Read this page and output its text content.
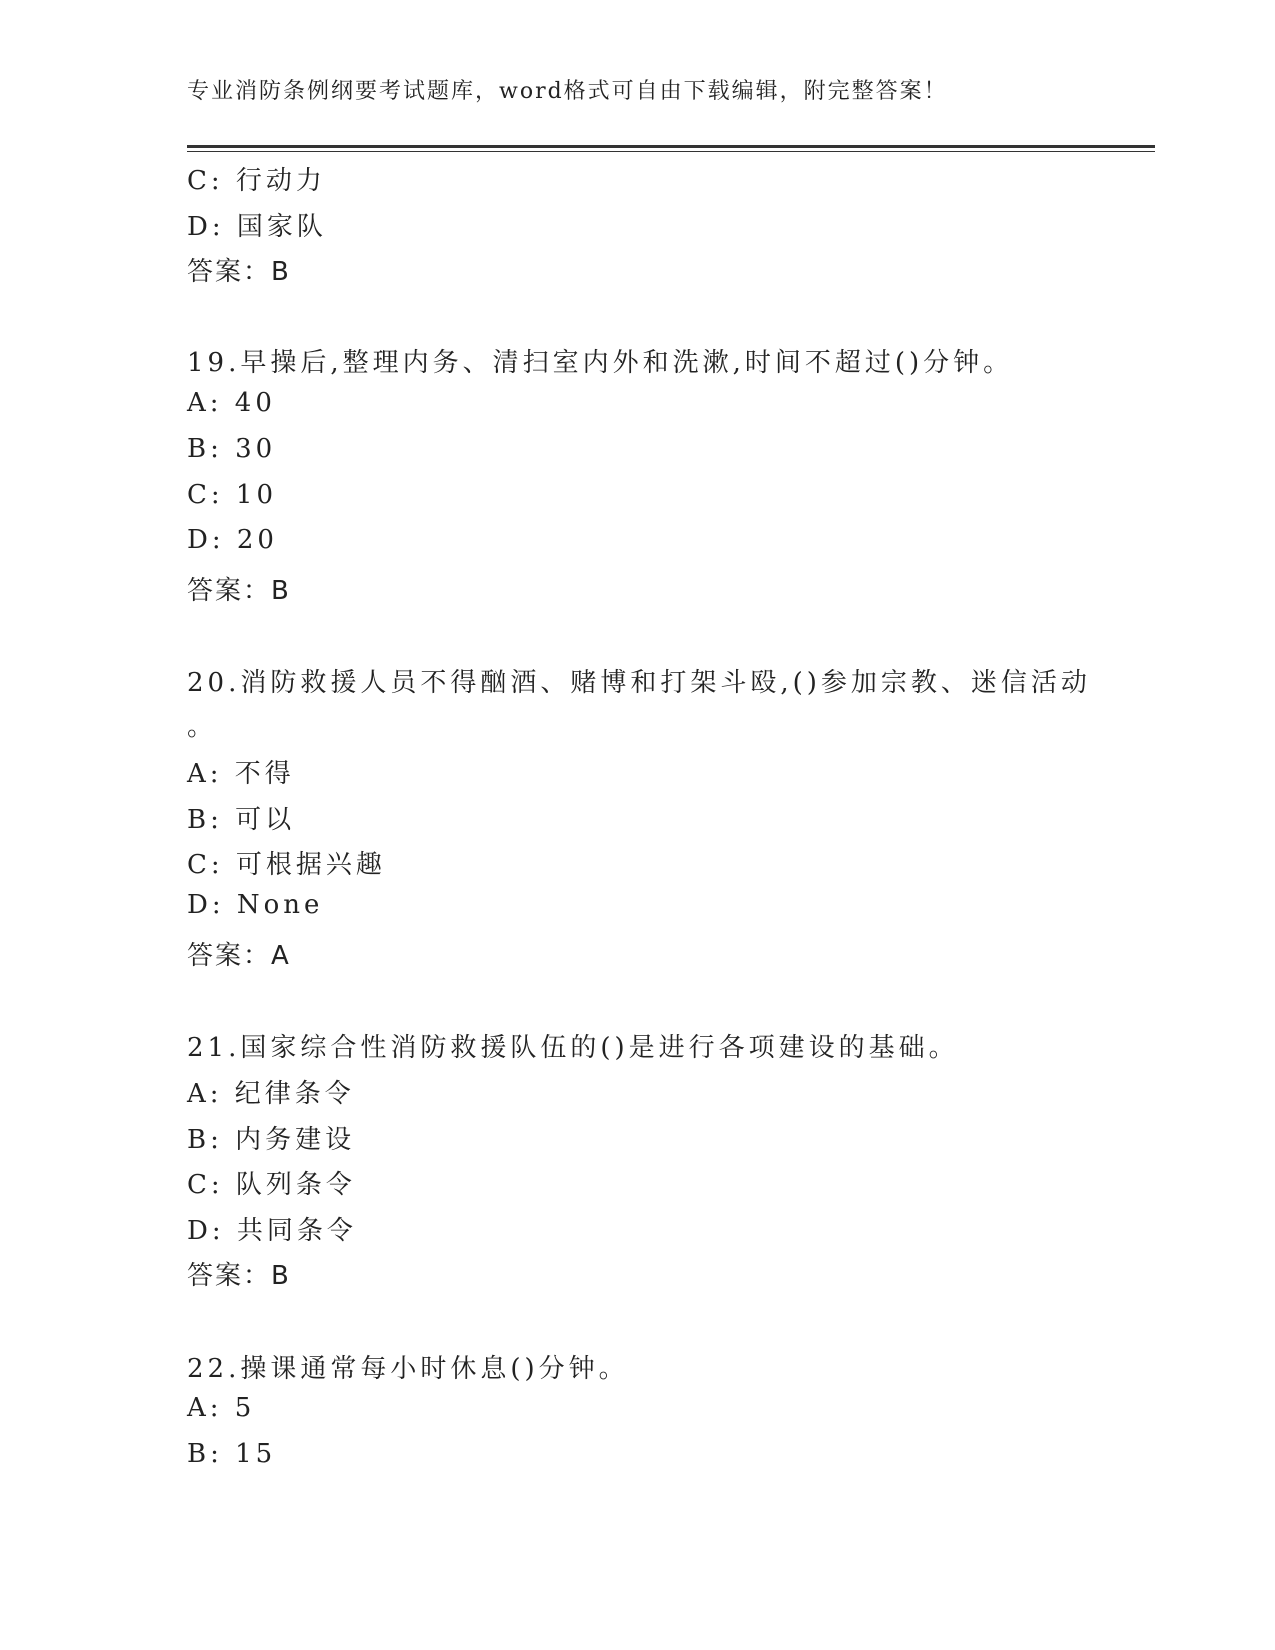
专业消防条例纲要考试题库，word格式可自由下载编辑，附完整答案！
C: 行动力
D: 国家队
答案：B
19.早操后,整理内务、清扫室内外和洗漱,时间不超过()分钟。
A: 40
B: 30
C: 10
D: 20
答案：B
20.消防救援人员不得酗酒、赌博和打架斗殴,()参加宗教、迷信活动
。
A: 不得
B: 可以
C: 可根据兴趣
D: None
答案：A
21.国家综合性消防救援队伍的()是进行各项建设的基础。
A: 纪律条令
B: 内务建设
C: 队列条令
D: 共同条令
答案：B
22.操课通常每小时休息()分钟。
A: 5
B: 15
